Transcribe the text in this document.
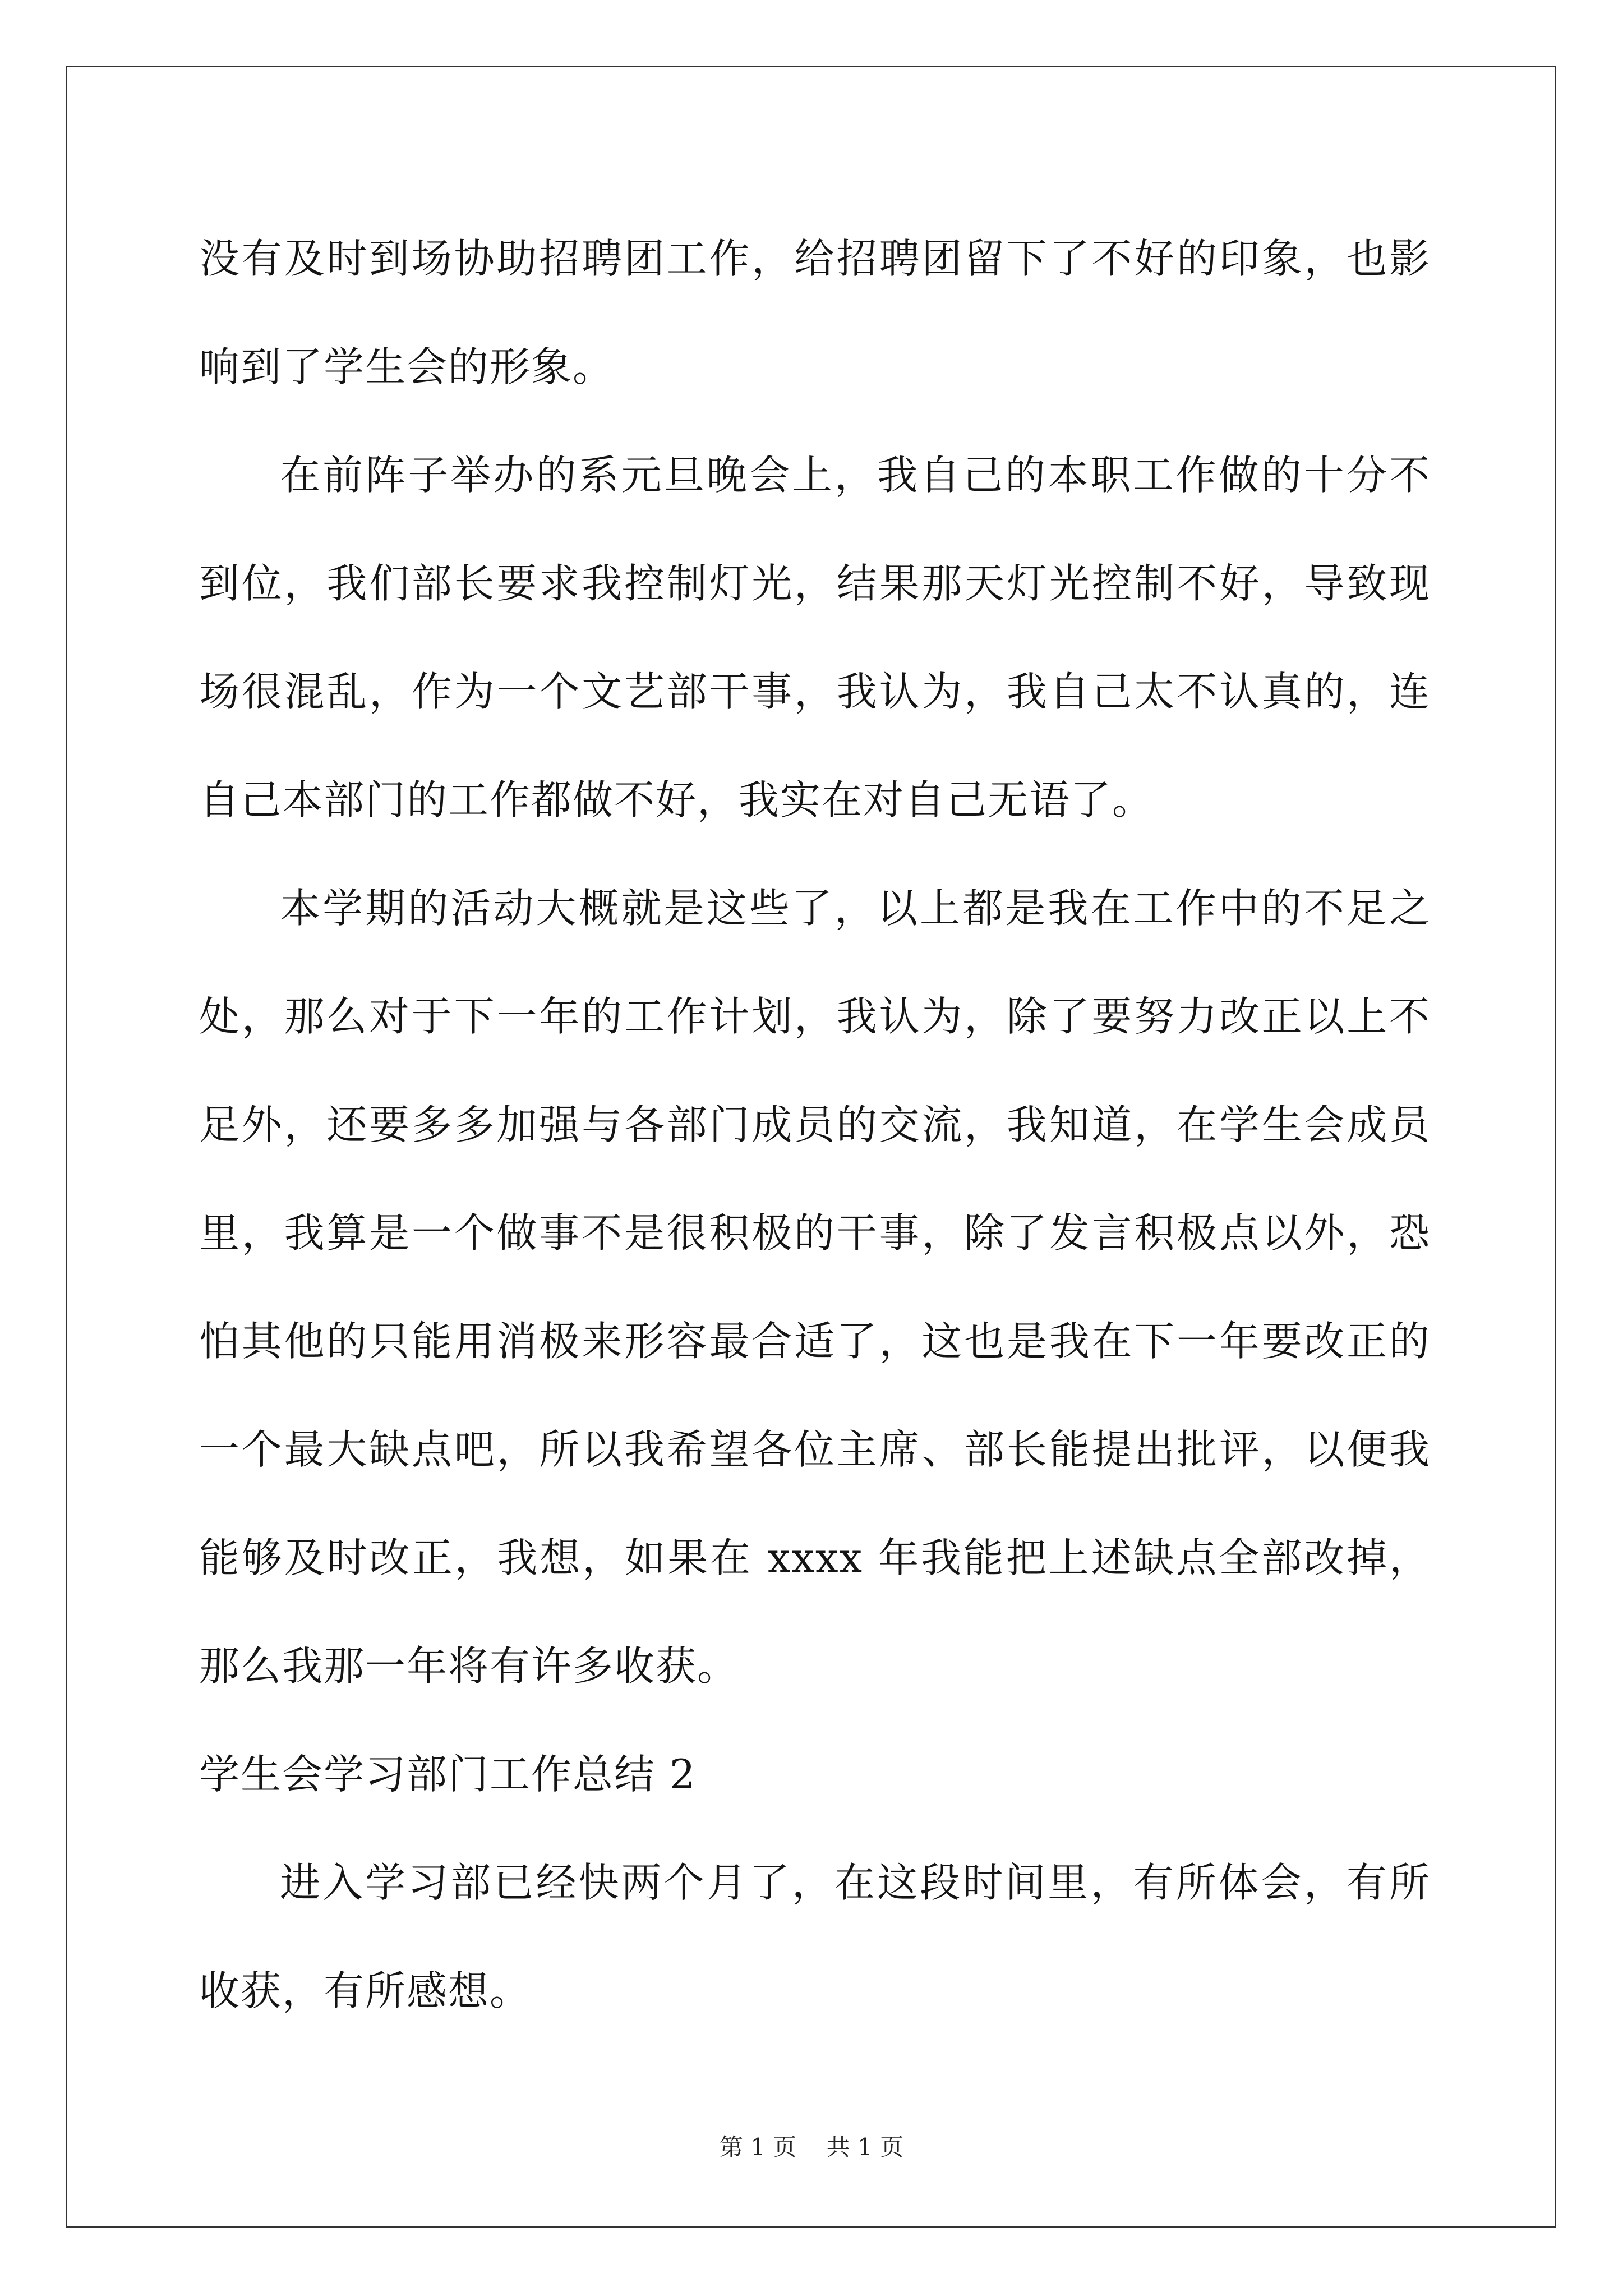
没有及时到场协助招聘团工作，给招聘团留下了不好的印象，也影响到了学生会的形象。

在前阵子举办的系元旦晚会上，我自己的本职工作做的十分不到位，我们部长要求我控制灯光，结果那天灯光控制不好，导致现场很混乱，作为一个文艺部干事，我认为，我自己太不认真的，连自己本部门的工作都做不好，我实在对自己无语了。

本学期的活动大概就是这些了，以上都是我在工作中的不足之处，那么对于下一年的工作计划，我认为，除了要努力改正以上不足外，还要多多加强与各部门成员的交流，我知道，在学生会成员里，我算是一个做事不是很积极的干事，除了发言积极点以外，恐怕其他的只能用消极来形容最合适了，这也是我在下一年要改正的一个最大缺点吧，所以我希望各位主席、部长能提出批评，以便我能够及时改正，我想，如果在 xxxx 年我能把上述缺点全部改掉，那么我那一年将有许多收获。

学生会学习部门工作总结 2

进入学习部已经快两个月了，在这段时间里，有所体会，有所收获，有所感想。

第 1 页    共 1 页
